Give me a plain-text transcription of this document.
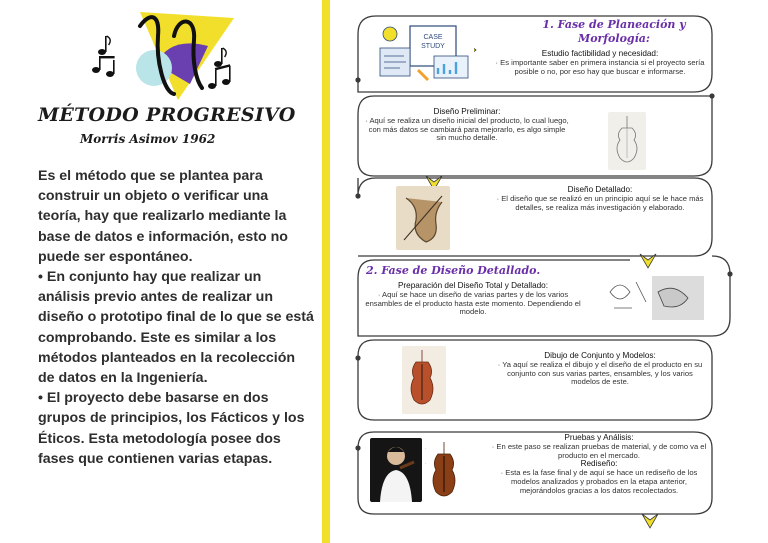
MÉTODO PROGRESIVO
Morris Asimov 1962

Es el método que se plantea para construir un objeto o verificar una teoría, hay que realizarlo mediante la base de datos e información, esto no puede ser espontáneo.

• En conjunto hay que realizar un análisis previo antes de realizar un diseño o prototipo final de lo que se está comprobando. Este es similar a los métodos planteados en la recolección de datos en la Ingeniería.

• El proyecto debe basarse en dos grupos de principios, los Fácticos y los Éticos. Esta metodología posee dos fases que contienen varias etapas.

1. Fase de Planeación y
Morfología:
CASE
STUDY
Estudio factibilidad y necesidad:
· Es importante saber en primera instancia si el proyecto sería posible o no, por eso hay que buscar e informarse.
Diseño Preliminar:
· Aquí se realiza un diseño inicial del producto, lo cual luego, con más datos se cambiará para mejorarlo, es algo simple sin mucho detalle.
Diseño Detallado:
· El diseño que se realizó en un principio aquí se le hace más detalles, se realiza más investigación y elaborado.
2. Fase de Diseño Detallado.
Preparación del Diseño Total y Detallado:
· Aquí se hace un diseño de varias partes y de los varios ensambles de el producto hasta este momento. Dependiendo el modelo.
Dibujo de Conjunto y Modelos:
· Ya aquí se realiza el dibujo y el diseño de el producto en su conjunto con sus varias partes, ensambles, y los varios modelos de este.
Pruebas y Análisis:
· En este paso se realizan pruebas de material, y de como va el producto en el mercado.
Rediseño:
· Esta es la fase final y de aquí se hace un rediseño de los modelos analizados y probados en la etapa anterior, mejorándolos gracias a los datos recolectados.
